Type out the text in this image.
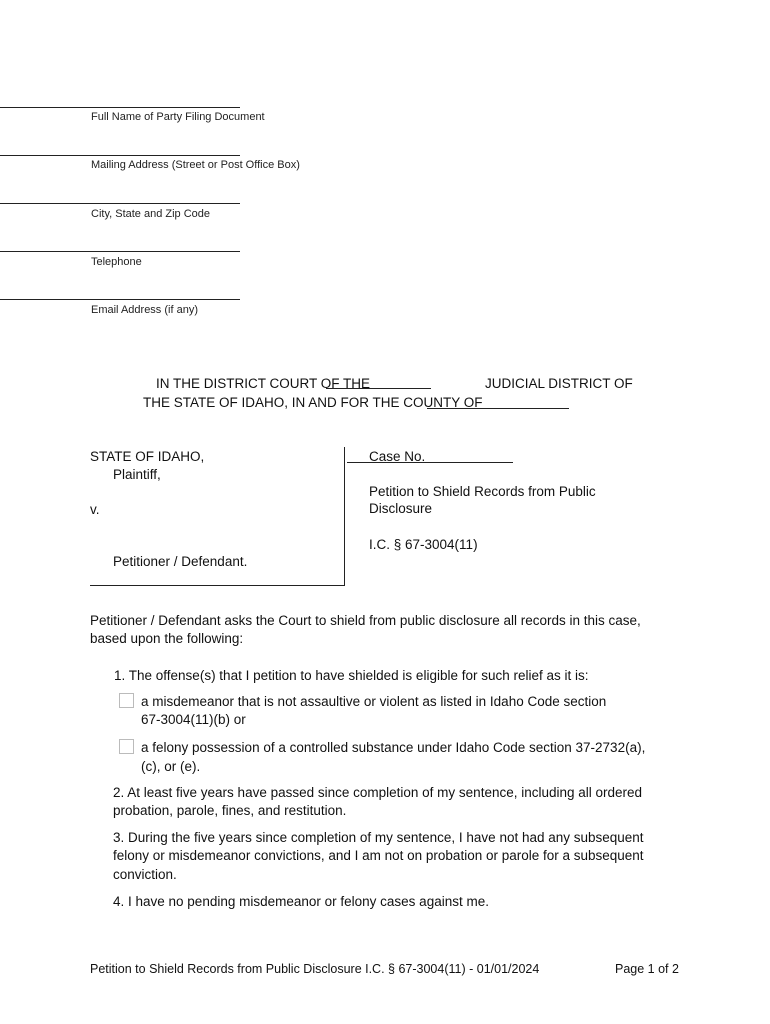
Full Name of Party Filing Document
Mailing Address (Street or Post Office Box)
City, State and Zip Code
Telephone
Email Address (if any)
IN THE DISTRICT COURT OF THE	JUDICIAL DISTRICT OF
THE STATE OF IDAHO, IN AND FOR THE COUNTY OF
STATE OF IDAHO,
Plaintiff,
v.
Petitioner / Defendant.
Case No.
Petition to Shield Records from Public
Disclosure
I.C. § 67-3004(11)
Petitioner / Defendant asks the Court to shield from public disclosure all records in this case,
based upon the following:
1. The offense(s) that I petition to have shielded is eligible for such relief as it is:
a misdemeanor that is not assaultive or violent as listed in Idaho Code section
67-3004(11)(b) or
a felony possession of a controlled substance under Idaho Code section 37-2732(a),
(c), or (e).
2. At least five years have passed since completion of my sentence, including all ordered
probation, parole, fines, and restitution.
3. During the five years since completion of my sentence, I have not had any subsequent
felony or misdemeanor convictions, and I am not on probation or parole for a subsequent
conviction.
4. I have no pending misdemeanor or felony cases against me.
Petition to Shield Records from Public Disclosure I.C. § 67-3004(11) - 01/01/2024	Page 1 of 2
